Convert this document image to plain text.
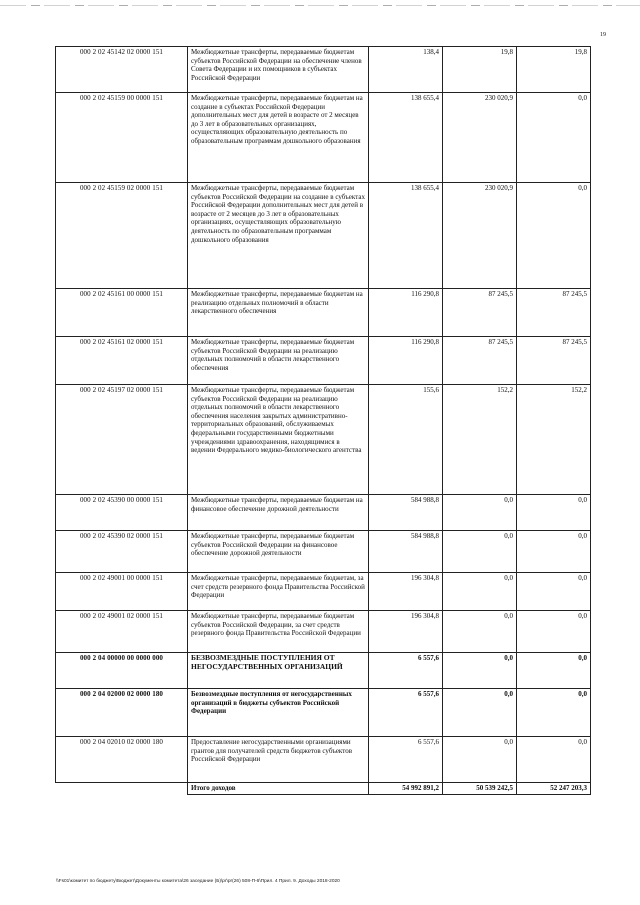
19
000 2 02 45142 02 0000 151	Межбюджетные трансферты, передаваемые бюджетам субъектов Российской Федерации на обеспечение членов Совета Федерации и их помощников в субъектах Российской Федерации	138,4	19,8	19,8
000 2 02 45159 00 0000 151	Межбюджетные трансферты, передаваемые бюджетам на создание в субъектах Российской Федерации дополнительных мест для детей в возрасте от 2 месяцев до 3 лет в образовательных организациях, осуществляющих образовательную деятельность по образовательным программам дошкольного образования	138 655,4	230 020,9	0,0
000 2 02 45159 02 0000 151	Межбюджетные трансферты, передаваемые бюджетам субъектов Российской Федерации на создание в субъектах Российской Федерации дополнительных мест для детей в возрасте от 2 месяцев до 3 лет в образовательных организациях, осуществляющих образовательную деятельность по образовательным программам дошкольного образования	138 655,4	230 020,9	0,0
000 2 02 45161 00 0000 151	Межбюджетные трансферты, передаваемые бюджетам на реализацию отдельных полномочий в области лекарственного обеспечения	116 290,8	87 245,5	87 245,5
000 2 02 45161 02 0000 151	Межбюджетные трансферты, передаваемые бюджетам субъектов Российской Федерации на реализацию отдельных полномочий в области лекарственного обеспечения	116 290,8	87 245,5	87 245,5
000 2 02 45197 02 0000 151	Межбюджетные трансферты, передаваемые бюджетам субъектов Российской Федерации на реализацию отдельных полномочий в области лекарственного обеспечения населения закрытых административно-территориальных образований, обслуживаемых федеральными государственными бюджетными учреждениями здравоохранения, находящимися в ведении Федерального медико-биологического агентства	155,6	152,2	152,2
000 2 02 45390 00 0000 151	Межбюджетные трансферты, передаваемые бюджетам на финансовое обеспечение дорожной деятельности	584 988,8	0,0	0,0
000 2 02 45390 02 0000 151	Межбюджетные трансферты, передаваемые бюджетам субъектов Российской Федерации на финансовое обеспечение дорожной деятельности	584 988,8	0,0	0,0
000 2 02 49001 00 0000 151	Межбюджетные трансферты, передаваемые бюджетам, за счет средств резервного фонда Правительства Российской Федерации	196 304,8	0,0	0,0
000 2 02 49001 02 0000 151	Межбюджетные трансферты, передаваемые бюджетам субъектов Российской Федерации, за счет средств резервного фонда Правительства Российской Федерации	196 304,8	0,0	0,0
000 2 04 00000 00 0000 000	БЕЗВОЗМЕЗДНЫЕ ПОСТУПЛЕНИЯ ОТ НЕГОСУДАРСТВЕННЫХ ОРГАНИЗАЦИЙ	6 557,6	0,0	0,0
000 2 04 02000 02 0000 180	Безвозмездные поступления от негосударственных организаций в бюджеты субъектов Российской Федерации	6 557,6	0,0	0,0
000 2 04 02010 02 0000 180	Предоставление негосударственными организациями грантов для получателей средств бюджетов субъектов Российской Федерации	6 557,6	0,0	0,0
	Итого доходов	54 992 891,2	50 539 242,5	52 247 203,3
\\Fs01\комитет по бюджету\Бюджет\Документы комитета\26 заседание (Б)\pr\pr(26) 508-П-6\Прил. 4 Прил. 9. Доходы 2018-2020
